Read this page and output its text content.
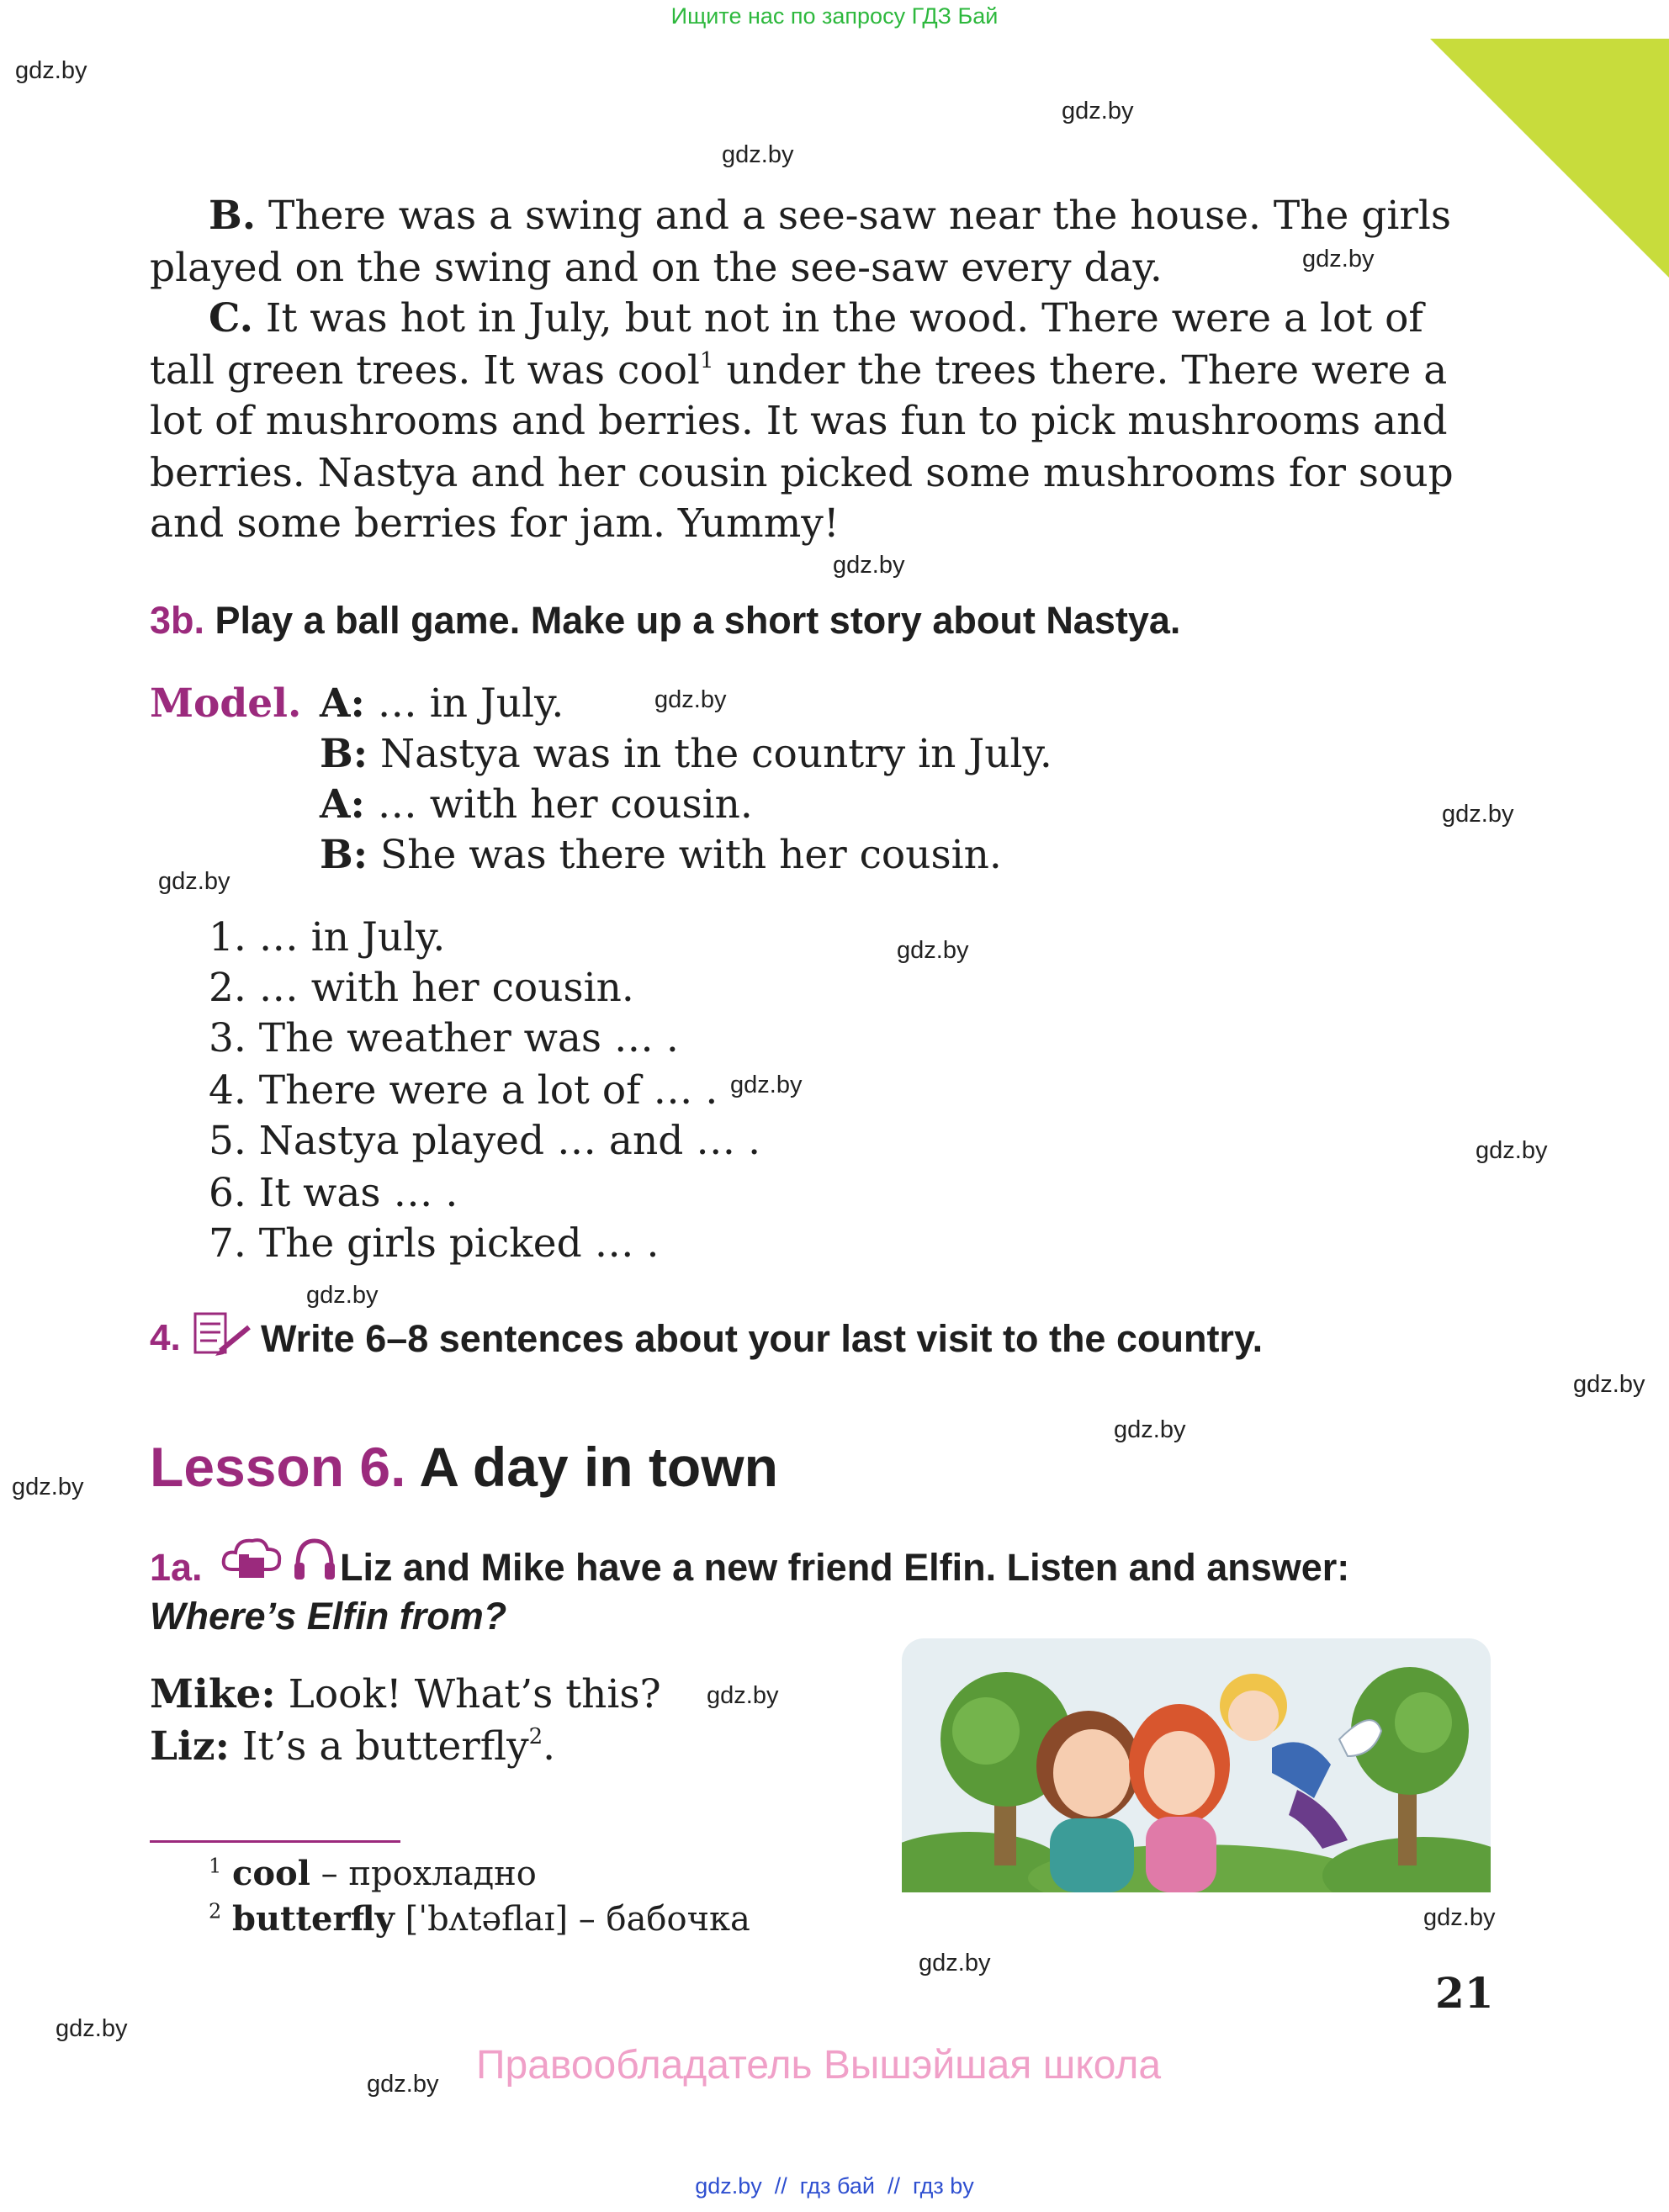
Ищите нас по запросу ГДЗ Бай
gdz.by
gdz.by
gdz.by
gdz.by
gdz.by
gdz.by
gdz.by
gdz.by
gdz.by
gdz.by
gdz.by
gdz.by
gdz.by
gdz.by
gdz.by
gdz.by
gdz.by
gdz.by
gdz.by
gdz.by
B. There was a swing and a see-saw near the house. The girls
played on the swing and on the see-saw every day.
C. It was hot in July, but not in the wood. There were a lot of
tall green trees. It was cool$^1$ under the trees there. There were a
lot of mushrooms and berries. It was fun to pick mushrooms and
berries. Nastya and her cousin picked some mushrooms for soup
and some berries for jam. Yummy!
3b. Play a ball game. Make up a short story about Nastya.
Model. A: … in July.
B: Nastya was in the country in July.
A: … with her cousin.
B: She was there with her cousin.
1. … in July.
2. … with her cousin.
3. The weather was … .
4. There were a lot of … .
5. Nastya played … and … .
6. It was … .
7. The girls picked … .
4. Write 6–8 sentences about your last visit to the country.
Lesson 6. A day in town
1a.	Liz and Mike have a new friend Elfin. Listen and answer:
Where’s Elfin from?
Mike: Look! What’s this?
Liz: It’s a butterfly$^2$.
$^1$ cool – прохладно
$^2$ butterfly [ˈbʌtəflaɪ] – бабочка
21
Правообладатель Вышэйшая школа
gdz.by  //  гдз бай  //  гдз by
